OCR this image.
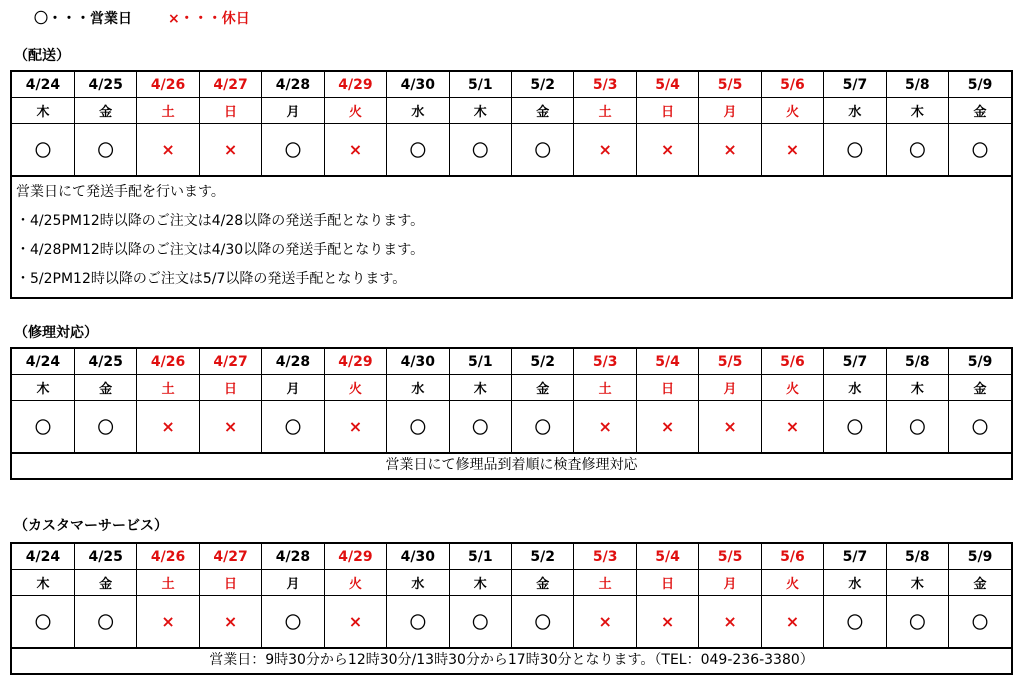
〇・・・営業日	×・・・休日
（配送）
4/24	4/25	4/26	4/27	4/28	4/29	4/30	5/1	5/2	5/3	5/4	5/5	5/6	5/7	5/8	5/9
木	金	土	日	月	火	水	木	金	土	日	月	火	水	木	金
〇	〇	×	×	〇	×	〇	〇	〇	×	×	×	×	〇	〇	〇
営業日にて発送手配を行います。
・4/25PM12時以降のご注文は4/28以降の発送手配となります。
・4/28PM12時以降のご注文は4/30以降の発送手配となります。
・5/2PM12時以降のご注文は5/7以降の発送手配となります。
（修理対応）
4/24	4/25	4/26	4/27	4/28	4/29	4/30	5/1	5/2	5/3	5/4	5/5	5/6	5/7	5/8	5/9
木	金	土	日	月	火	水	木	金	土	日	月	火	水	木	金
〇	〇	×	×	〇	×	〇	〇	〇	×	×	×	×	〇	〇	〇
営業日にて修理品到着順に検査修理対応
（カスタマーサービス）
4/24	4/25	4/26	4/27	4/28	4/29	4/30	5/1	5/2	5/3	5/4	5/5	5/6	5/7	5/8	5/9
木	金	土	日	月	火	水	木	金	土	日	月	火	水	木	金
〇	〇	×	×	〇	×	〇	〇	〇	×	×	×	×	〇	〇	〇
営業日：9時30分から12時30分/13時30分から17時30分となります。（TEL：049-236-3380）
